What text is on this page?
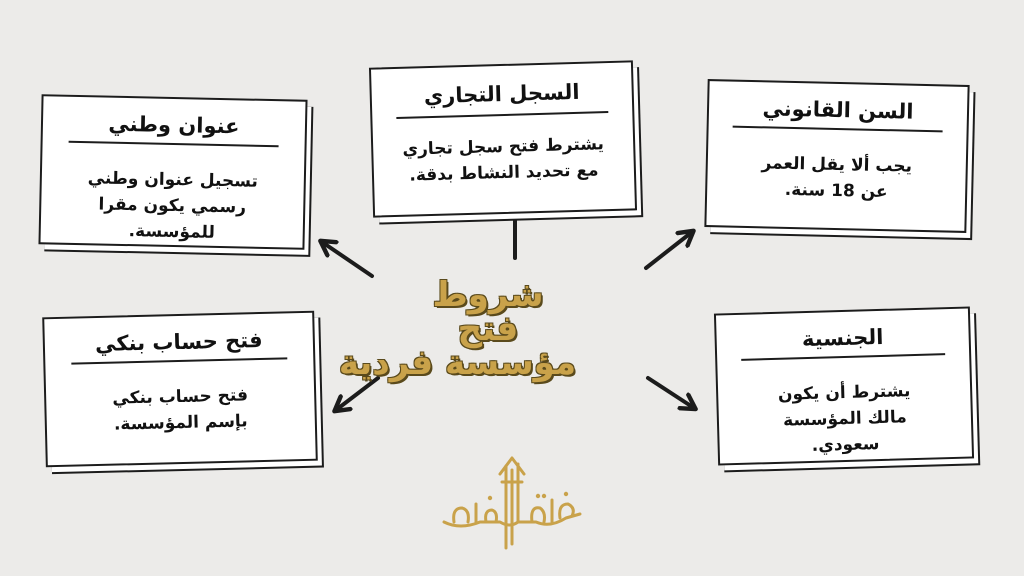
عنوان وطني

تسجيل عنوان وطني رسمي يكون مقرا للمؤسسة.

السجل التجاري

يشترط فتح سجل تجاري مع تحديد النشاط بدقة.

السن القانوني

يجب ألا يقل العمر عن 18 سنة.

فتح حساب بنكي

فتح حساب بنكي بإسم المؤسسة.

الجنسية

يشترط أن يكون مالك المؤسسة سعودي.

شروط
فتح
مؤسسة فردية
